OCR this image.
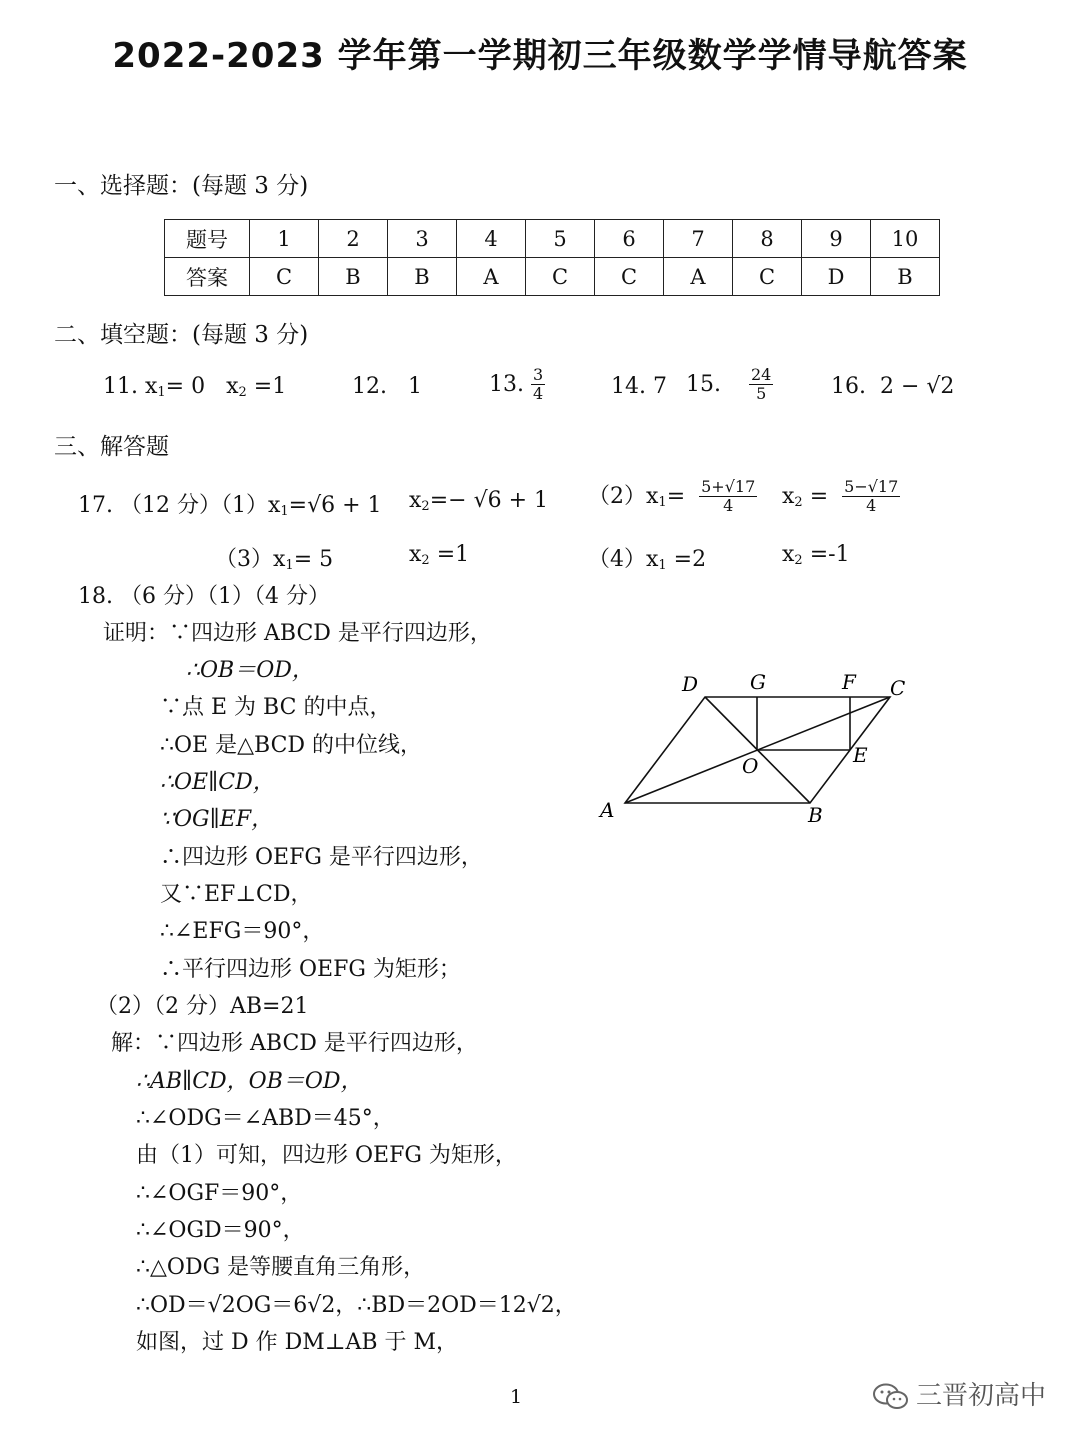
2022-2023 学年第一学期初三年级数学学情导航答案
一、选择题：(每题 3 分)
题号	1	2	3	4	5	6	7	8	9	10
答案	C	B	B	A	C	C	A	C	D	B
二、填空题：(每题 3 分)
11. $x_1= 0$ $x_2 =1$	12.   1	13. $\frac{3}{4}$	14. 7 15. $\frac{24}{5}$	16.  2 − √2
三、解答题
17. （12 分）$(1)x_1=√6 + 1$ $x_2=- √6 + 1$ $(2)x_1= \frac{5+√17}{4} x_2 = \frac{5-√17}{4}$
$(3)x_1= 5$	$x_2 =1$	$(4)x_1 =2$	$x_2 =-1$
18. （6 分）（1）（4 分）
证明：∵四边形 ABCD 是平行四边形，
∴OB＝OD，
∵点 E 为 BC 的中点，
∴OE 是△BCD 的中位线，
∴OE∥CD，
∵OG∥EF，
∴四边形 OEFG 是平行四边形，
又∵EF⊥CD，
∴∠EFG＝90°，
∴平行四边形 OEFG 为矩形；
（2）（2 分）AB=21
解：∵四边形 ABCD 是平行四边形，
∴AB∥CD，OB＝OD，
∴∠ODG＝∠ABD＝45°，
由（1）可知，四边形 OEFG 为矩形，
∴∠OGF＝90°，
∴∠OGD＝90°，
∴△ODG 是等腰直角三角形，
∴OD＝√2OG＝6√2，∴BD＝2OD＝12√2，
如图，过 D 作 DM⊥AB 于 M，
D	G	F C
E
O
A	B
1	三晋初高中
